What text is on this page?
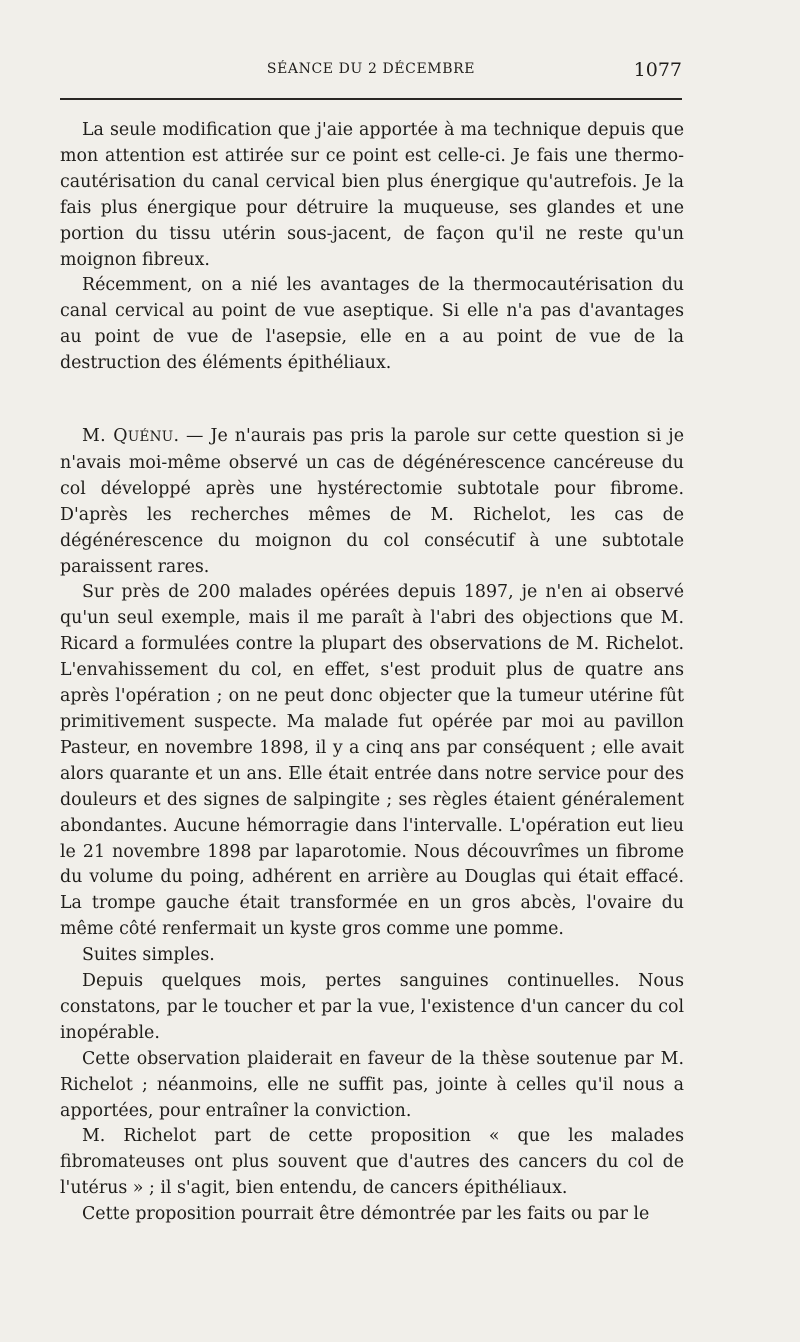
SÉANCE DU 2 DÉCEMBRE	1077

La seule modification que j'aie apportée à ma technique depuis que mon attention est attirée sur ce point est celle-ci. Je fais une thermo-cautérisation du canal cervical bien plus énergique qu'autrefois. Je la fais plus énergique pour détruire la muqueuse, ses glandes et une portion du tissu utérin sous-jacent, de façon qu'il ne reste qu'un moignon fibreux.

Récemment, on a nié les avantages de la thermocautérisation du canal cervical au point de vue aseptique. Si elle n'a pas d'avantages au point de vue de l'asepsie, elle en a au point de vue de la destruction des éléments épithéliaux.

M. QUÉNU. — Je n'aurais pas pris la parole sur cette question si je n'avais moi-même observé un cas de dégénérescence cancéreuse du col développé après une hystérectomie subtotale pour fibrome. D'après les recherches mêmes de M. Richelot, les cas de dégénérescence du moignon du col consécutif à une subtotale paraissent rares.

Sur près de 200 malades opérées depuis 1897, je n'en ai observé qu'un seul exemple, mais il me paraît à l'abri des objections que M. Ricard a formulées contre la plupart des observations de M. Richelot. L'envahissement du col, en effet, s'est produit plus de quatre ans après l'opération ; on ne peut donc objecter que la tumeur utérine fût primitivement suspecte. Ma malade fut opérée par moi au pavillon Pasteur, en novembre 1898, il y a cinq ans par conséquent ; elle avait alors quarante et un ans. Elle était entrée dans notre service pour des douleurs et des signes de salpingite ; ses règles étaient généralement abondantes. Aucune hémorragie dans l'intervalle. L'opération eut lieu le 21 novembre 1898 par laparotomie. Nous découvrîmes un fibrome du volume du poing, adhérent en arrière au Douglas qui était effacé. La trompe gauche était transformée en un gros abcès, l'ovaire du même côté renfermait un kyste gros comme une pomme.

Suites simples.

Depuis quelques mois, pertes sanguines continuelles. Nous constatons, par le toucher et par la vue, l'existence d'un cancer du col inopérable.

Cette observation plaiderait en faveur de la thèse soutenue par M. Richelot ; néanmoins, elle ne suffit pas, jointe à celles qu'il nous a apportées, pour entraîner la conviction.

M. Richelot part de cette proposition « que les malades fibromateuses ont plus souvent que d'autres des cancers du col de l'utérus » ; il s'agit, bien entendu, de cancers épithéliaux.

Cette proposition pourrait être démontrée par les faits ou par le
